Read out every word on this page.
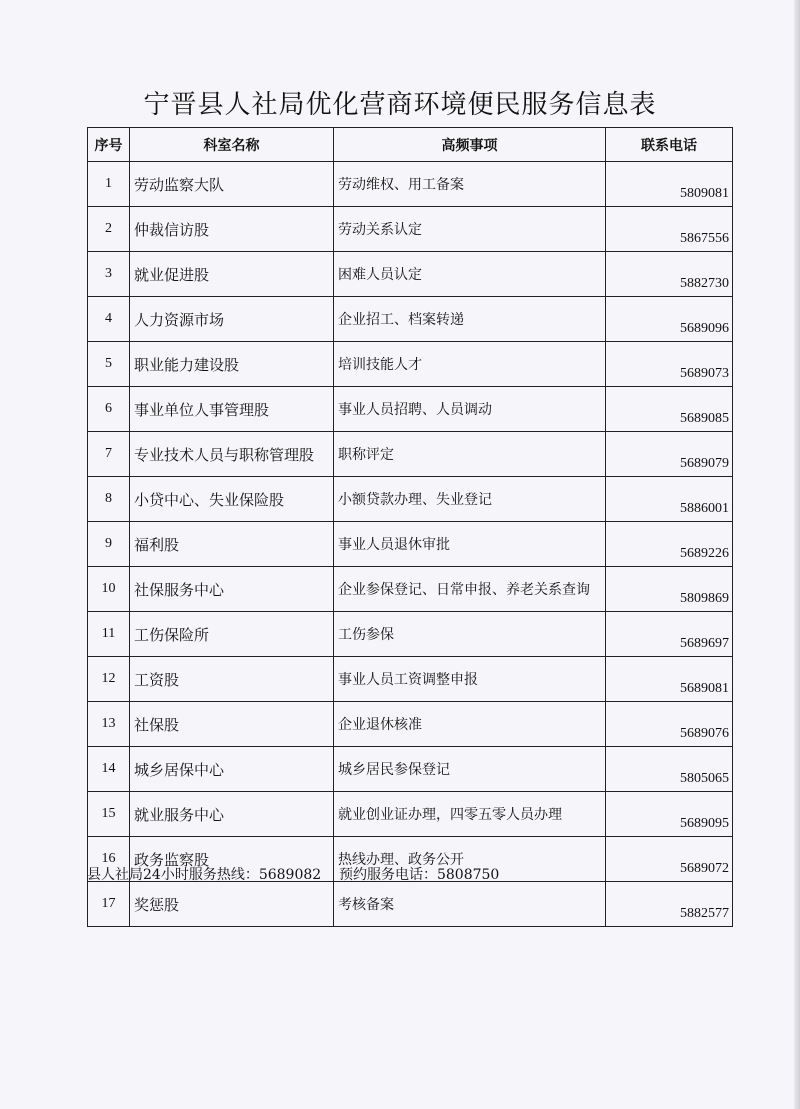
宁晋县人社局优化营商环境便民服务信息表
序号	科室名称	高频事项	联系电话
1	劳动监察大队	劳动维权、用工备案	5809081
2	仲裁信访股	劳动关系认定	5867556
3	就业促进股	困难人员认定	5882730
4	人力资源市场	企业招工、档案转递	5689096
5	职业能力建设股	培训技能人才	5689073
6	事业单位人事管理股	事业人员招聘、人员调动	5689085
7	专业技术人员与职称管理股	职称评定	5689079
8	小贷中心、失业保险股	小额贷款办理、失业登记	5886001
9	福利股	事业人员退休审批	5689226
10	社保服务中心	企业参保登记、日常申报、养老关系查询	5809869
11	工伤保险所	工伤参保	5689697
12	工资股	事业人员工资调整申报	5689081
13	社保股	企业退休核准	5689076
14	城乡居保中心	城乡居民参保登记	5805065
15	就业服务中心	就业创业证办理，四零五零人员办理	5689095
16	政务监察股	热线办理、政务公开	5689072
17	奖惩股	考核备案	5882577
县人社局24小时服务热线：5689082 预约服务电话：5808750
